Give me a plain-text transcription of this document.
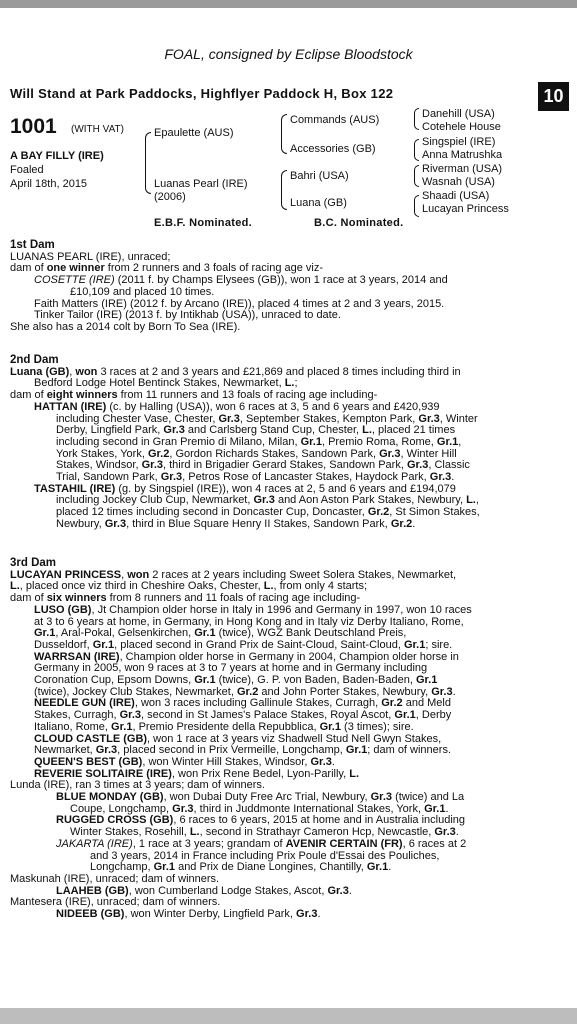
FOAL, consigned by Eclipse Bloodstock
Will Stand at Park Paddocks, Highflyer Paddock H, Box 122	10
1001 (WITH VAT)
A BAY FILLY (IRE)
Foaled
April 18th, 2015
Epaulette (AUS)
Luanas Pearl (IRE)
(2006)
Commands (AUS)
Accessories (GB)
Bahri (USA)
Luana (GB)
Danehill (USA)
Cotehele House
Singspiel (IRE)
Anna Matrushka
Riverman (USA)
Wasnah (USA)
Shaadi (USA)
Lucayan Princess
E.B.F. Nominated.	B.C. Nominated.
1st Dam
LUANAS PEARL (IRE), unraced;
dam of one winner from 2 runners and 3 foals of racing age viz-
COSETTE (IRE) (2011 f. by Champs Elysees (GB)), won 1 race at 3 years, 2014 and
£10,109 and placed 10 times.
Faith Matters (IRE) (2012 f. by Arcano (IRE)), placed 4 times at 2 and 3 years, 2015.
Tinker Tailor (IRE) (2013 f. by Intikhab (USA)), unraced to date.
She also has a 2014 colt by Born To Sea (IRE).
2nd Dam
Luana (GB), won 3 races at 2 and 3 years and £21,869 and placed 8 times including third in
Bedford Lodge Hotel Bentinck Stakes, Newmarket, L.;
dam of eight winners from 11 runners and 13 foals of racing age including-
HATTAN (IRE) (c. by Halling (USA)), won 6 races at 3, 5 and 6 years and £420,939
including Chester Vase, Chester, Gr.3, September Stakes, Kempton Park, Gr.3, Winter
Derby, Lingfield Park, Gr.3 and Carlsberg Stand Cup, Chester, L., placed 21 times
including second in Gran Premio di Milano, Milan, Gr.1, Premio Roma, Rome, Gr.1,
York Stakes, York, Gr.2, Gordon Richards Stakes, Sandown Park, Gr.3, Winter Hill
Stakes, Windsor, Gr.3, third in Brigadier Gerard Stakes, Sandown Park, Gr.3, Classic
Trial, Sandown Park, Gr.3, Petros Rose of Lancaster Stakes, Haydock Park, Gr.3.
TASTAHIL (IRE) (g. by Singspiel (IRE)), won 4 races at 2, 5 and 6 years and £194,079
including Jockey Club Cup, Newmarket, Gr.3 and Aon Aston Park Stakes, Newbury, L.,
placed 12 times including second in Doncaster Cup, Doncaster, Gr.2, St Simon Stakes,
Newbury, Gr.3, third in Blue Square Henry II Stakes, Sandown Park, Gr.2.
3rd Dam
LUCAYAN PRINCESS, won 2 races at 2 years including Sweet Solera Stakes, Newmarket,
L., placed once viz third in Cheshire Oaks, Chester, L., from only 4 starts;
dam of six winners from 8 runners and 11 foals of racing age including-
LUSO (GB), Jt Champion older horse in Italy in 1996 and Germany in 1997, won 10 races
at 3 to 6 years at home, in Germany, in Hong Kong and in Italy viz Derby Italiano, Rome,
Gr.1, Aral-Pokal, Gelsenkirchen, Gr.1 (twice), WGZ Bank Deutschland Preis,
Dusseldorf, Gr.1, placed second in Grand Prix de Saint-Cloud, Saint-Cloud, Gr.1; sire.
WARRSAN (IRE), Champion older horse in Germany in 2004, Champion older horse in
Germany in 2005, won 9 races at 3 to 7 years at home and in Germany including
Coronation Cup, Epsom Downs, Gr.1 (twice), G. P. von Baden, Baden-Baden, Gr.1
(twice), Jockey Club Stakes, Newmarket, Gr.2 and John Porter Stakes, Newbury, Gr.3.
NEEDLE GUN (IRE), won 3 races including Gallinule Stakes, Curragh, Gr.2 and Meld
Stakes, Curragh, Gr.3, second in St James's Palace Stakes, Royal Ascot, Gr.1, Derby
Italiano, Rome, Gr.1, Premio Presidente della Repubblica, Gr.1 (3 times); sire.
CLOUD CASTLE (GB), won 1 race at 3 years viz Shadwell Stud Nell Gwyn Stakes,
Newmarket, Gr.3, placed second in Prix Vermeille, Longchamp, Gr.1; dam of winners.
QUEEN'S BEST (GB), won Winter Hill Stakes, Windsor, Gr.3.
REVERIE SOLITAIRE (IRE), won Prix Rene Bedel, Lyon-Parilly, L.
Lunda (IRE), ran 3 times at 3 years; dam of winners.
BLUE MONDAY (GB), won Dubai Duty Free Arc Trial, Newbury, Gr.3 (twice) and La
Coupe, Longchamp, Gr.3, third in Juddmonte International Stakes, York, Gr.1.
RUGGED CROSS (GB), 6 races to 6 years, 2015 at home and in Australia including
Winter Stakes, Rosehill, L., second in Strathayr Cameron Hcp, Newcastle, Gr.3.
JAKARTA (IRE), 1 race at 3 years; grandam of AVENIR CERTAIN (FR), 6 races at 2
and 3 years, 2014 in France including Prix Poule d'Essai des Pouliches,
Longchamp, Gr.1 and Prix de Diane Longines, Chantilly, Gr.1.
Maskunah (IRE), unraced; dam of winners.
LAAHEB (GB), won Cumberland Lodge Stakes, Ascot, Gr.3.
Mantesera (IRE), unraced; dam of winners.
NIDEEB (GB), won Winter Derby, Lingfield Park, Gr.3.
